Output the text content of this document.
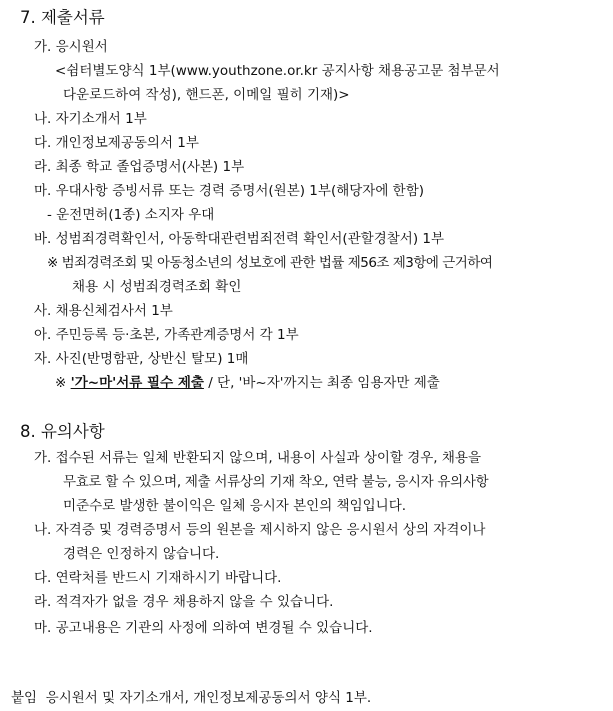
7. 제출서류
가. 응시원서
<쉼터별도양식 1부(www.youthzone.or.kr 공지사항 채용공고문 첨부문서
다운로드하여 작성), 핸드폰, 이메일 필히 기재)>
나. 자기소개서 1부
다. 개인정보제공동의서 1부
라. 최종 학교 졸업증명서(사본) 1부
마. 우대사항 증빙서류 또는 경력 증명서(원본) 1부(해당자에 한함)
- 운전면허(1종) 소지자 우대
바. 성범죄경력확인서, 아동학대관련범죄전력 확인서(관할경찰서) 1부
※ 범죄경력조회 및 아동청소년의 성보호에 관한 법률 제56조 제3항에 근거하여
채용 시 성범죄경력조회 확인
사. 채용신체검사서 1부
아. 주민등록 등·초본, 가족관계증명서 각 1부
자. 사진(반명함판, 상반신 탈모) 1매
※ '가~마'서류 필수 제출 / 단, '바~자'까지는 최종 임용자만 제출
8. 유의사항
가. 접수된 서류는 일체 반환되지 않으며, 내용이 사실과 상이할 경우, 채용을
무효로 할 수 있으며, 제출 서류상의 기재 착오, 연락 불능, 응시자 유의사항
미준수로 발생한 불이익은 일체 응시자 본인의 책임입니다.
나. 자격증 및 경력증명서 등의 원본을 제시하지 않은 응시원서 상의 자격이나
경력은 인정하지 않습니다.
다. 연락처를 반드시 기재하시기 바랍니다.
라. 적격자가 없을 경우 채용하지 않을 수 있습니다.
마. 공고내용은 기관의 사정에 의하여 변경될 수 있습니다.
붙임  응시원서 및 자기소개서, 개인정보제공동의서 양식 1부.
